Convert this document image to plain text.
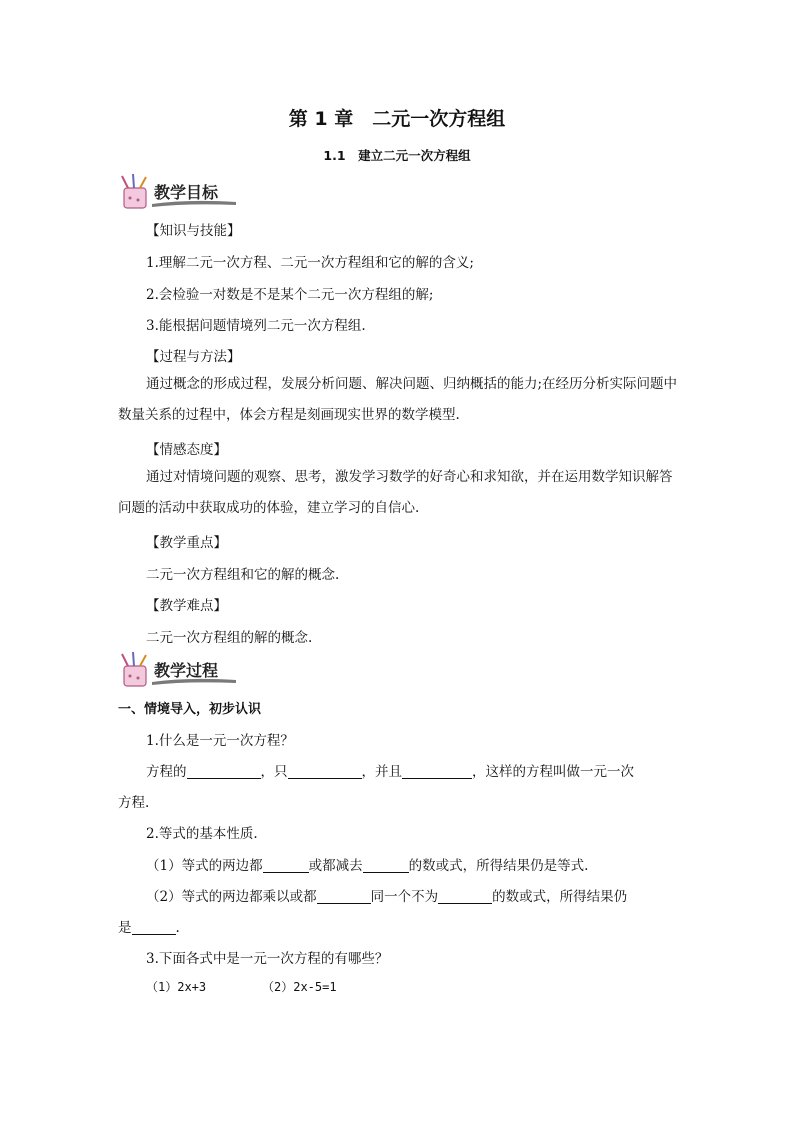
第 1 章　二元一次方程组
1.1　建立二元一次方程组
教学目标
【知识与技能】
1.理解二元一次方程、二元一次方程组和它的解的含义;
2.会检验一对数是不是某个二元一次方程组的解;
3.能根据问题情境列二元一次方程组.
【过程与方法】
通过概念的形成过程，发展分析问题、解决问题、归纳概括的能力;在经历分析实际问题中数量关系的过程中，体会方程是刻画现实世界的数学模型.
【情感态度】
通过对情境问题的观察、思考，激发学习数学的好奇心和求知欲，并在运用数学知识解答问题的活动中获取成功的体验，建立学习的自信心.
【教学重点】
二元一次方程组和它的解的概念.
【教学难点】
二元一次方程组的解的概念.
教学过程
一、情境导入，初步认识
1.什么是一元一次方程？
方程的	，只	，并且	，这样的方程叫做一元一次
方程.
2.等式的基本性质.
（1）等式的两边都	或都减去	的数或式，所得结果仍是等式.
（2）等式的两边都乘以或都	同一个不为	的数或式，所得结果仍
是	.
3.下面各式中是一元一次方程的有哪些？
（1）2x+3	（2）2x-5=1
